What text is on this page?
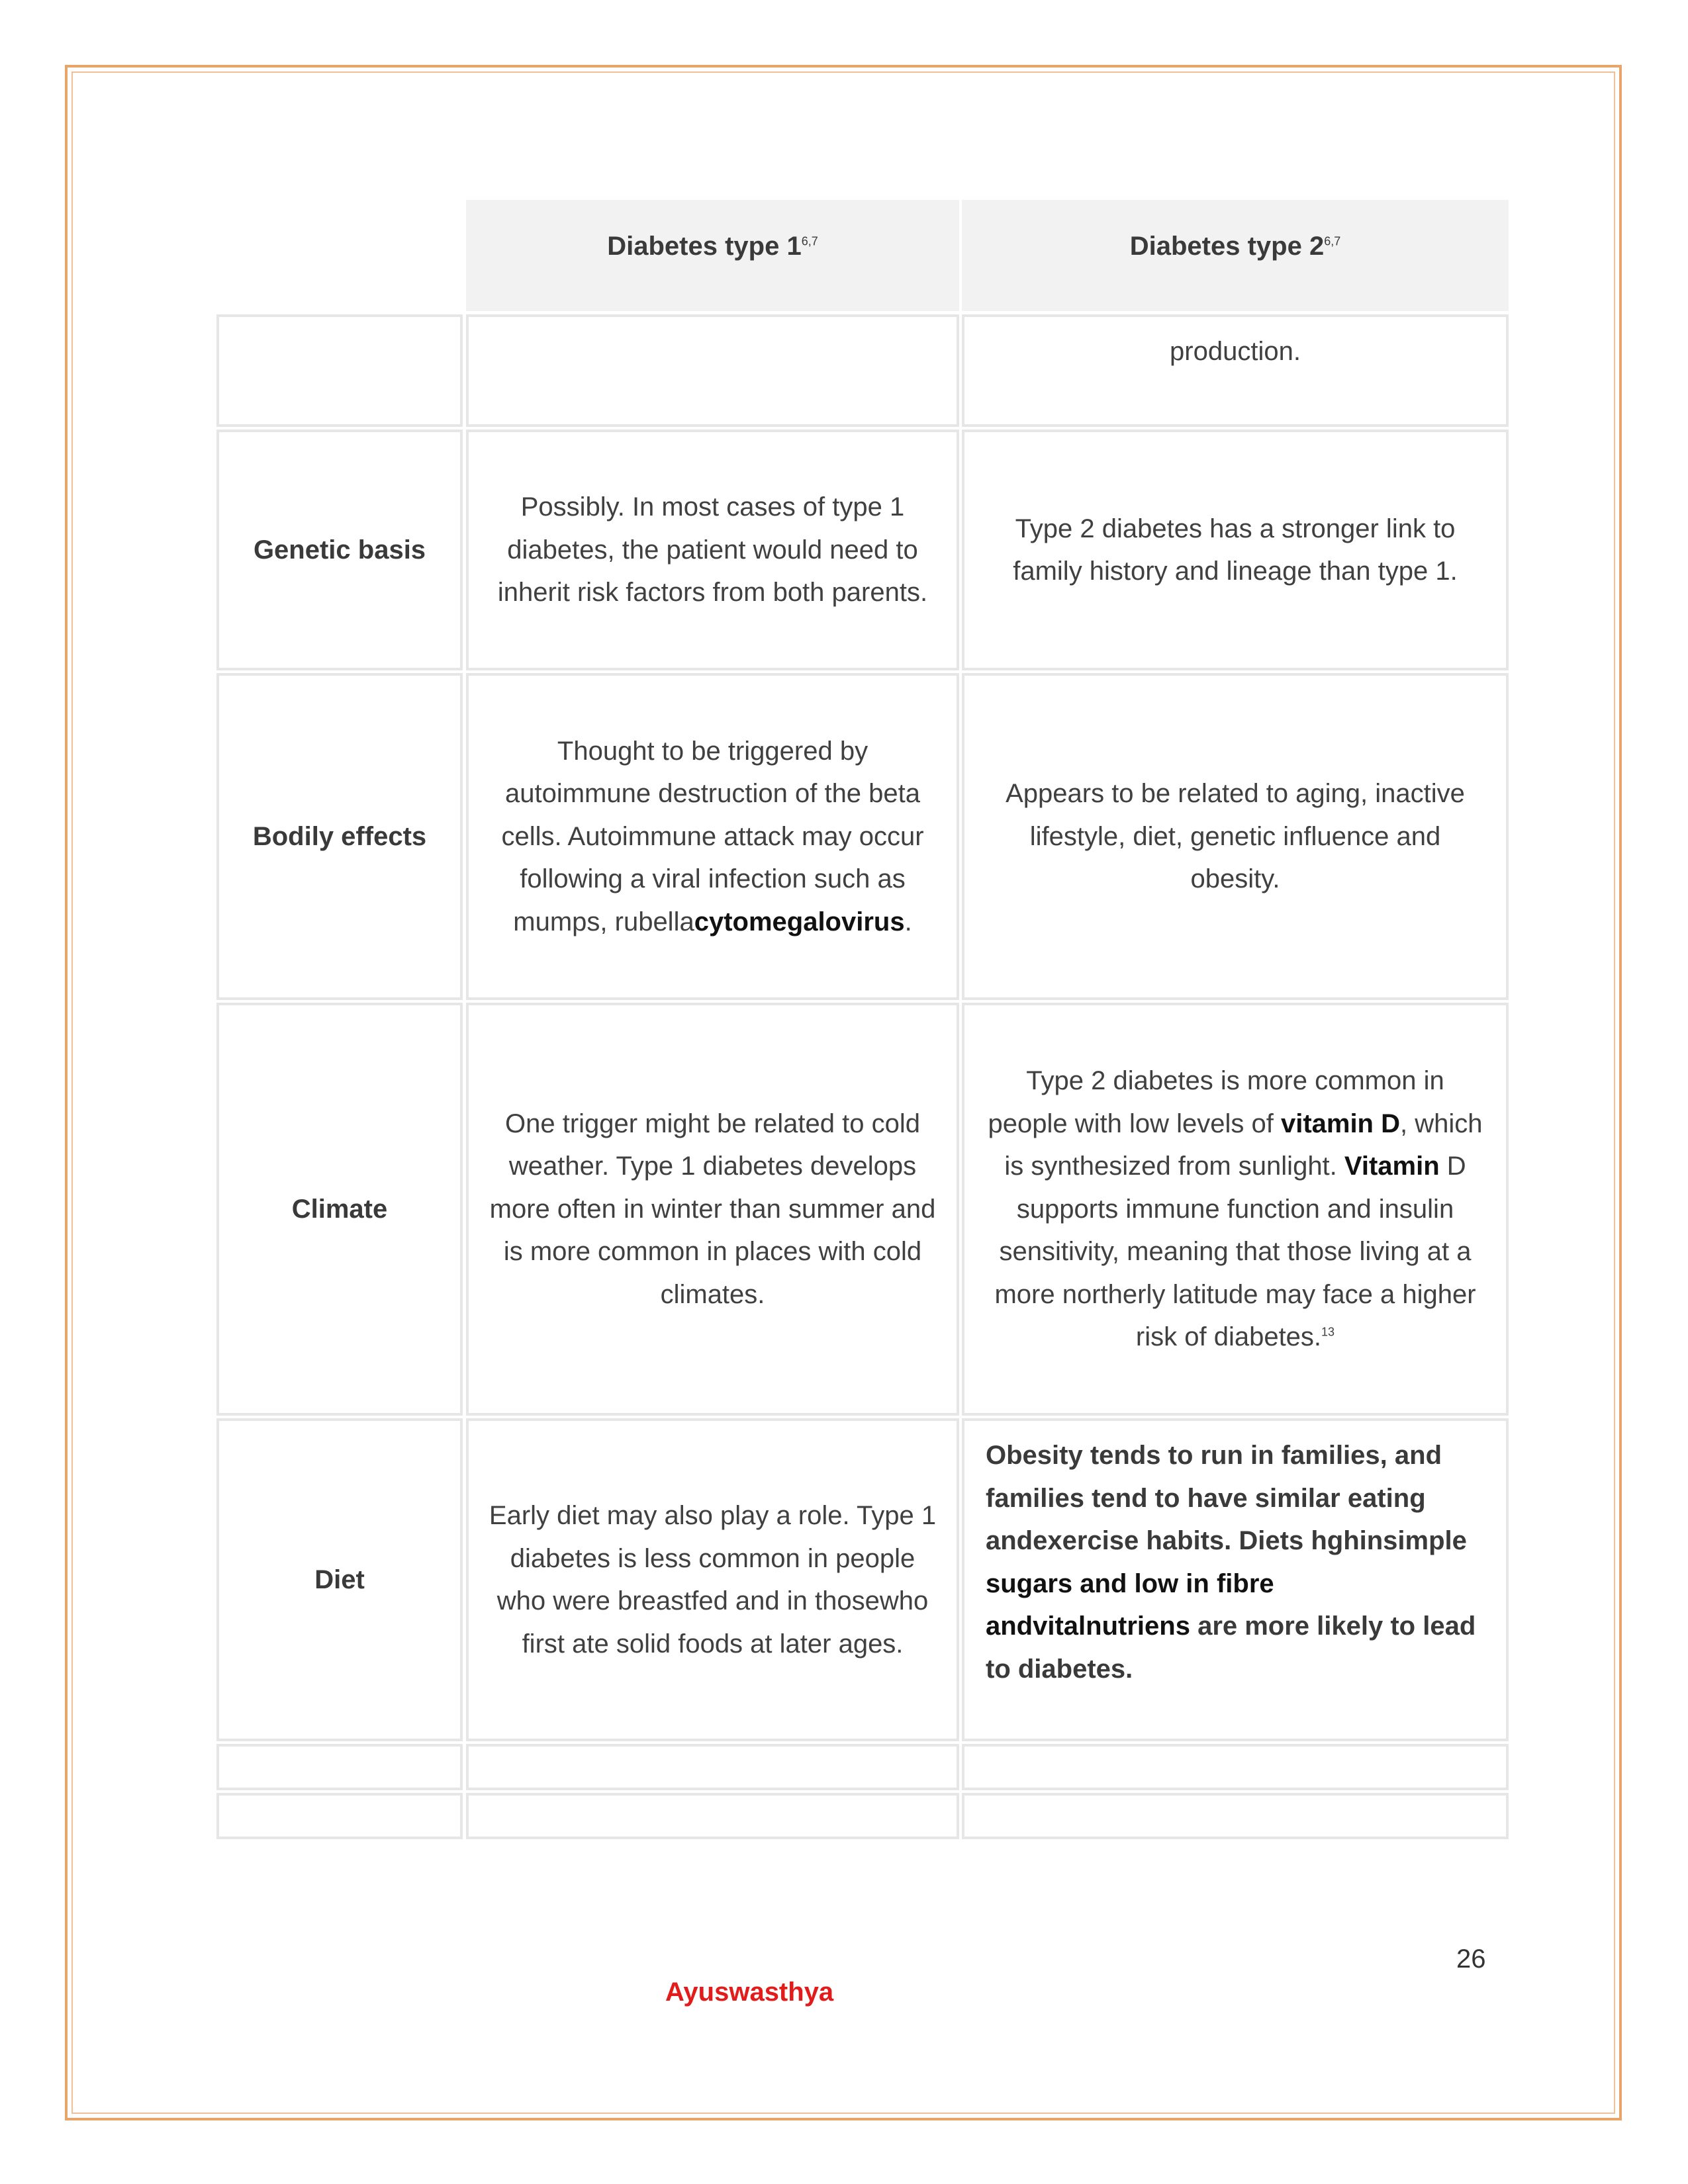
Diabetes type 1$^{6,7}$	Diabetes type 2$^{6,7}$
production.
Genetic basis
Possibly. In most cases of type 1 diabetes, the patient would need to inherit risk factors from both parents.
Type 2 diabetes has a stronger link to family history and lineage than type 1.
Bodily effects
Thought to be triggered by autoimmune destruction of the beta cells. Autoimmune attack may occur following a viral infection such as mumps, rubellacytomegalovirus.
Appears to be related to aging, inactive lifestyle, diet, genetic influence and obesity.
Climate
One trigger might be related to cold weather. Type 1 diabetes develops more often in winter than summer and is more common in places with cold climates.
Type 2 diabetes is more common in people with low levels of vitamin D, which is synthesized from sunlight. Vitamin D supports immune function and insulin sensitivity, meaning that those living at a more northerly latitude may face a higher risk of diabetes.$^{13}$
Diet
Early diet may also play a role. Type 1 diabetes is less common in people who were breastfed and in thosewho first ate solid foods at later ages.
Obesity tends to run in families, and families tend to have similar eating andexercise habits. Diets hghinsimple sugars and low in fibre andvitalnutriens are more likely to lead to diabetes.
26
Ayuswasthya
